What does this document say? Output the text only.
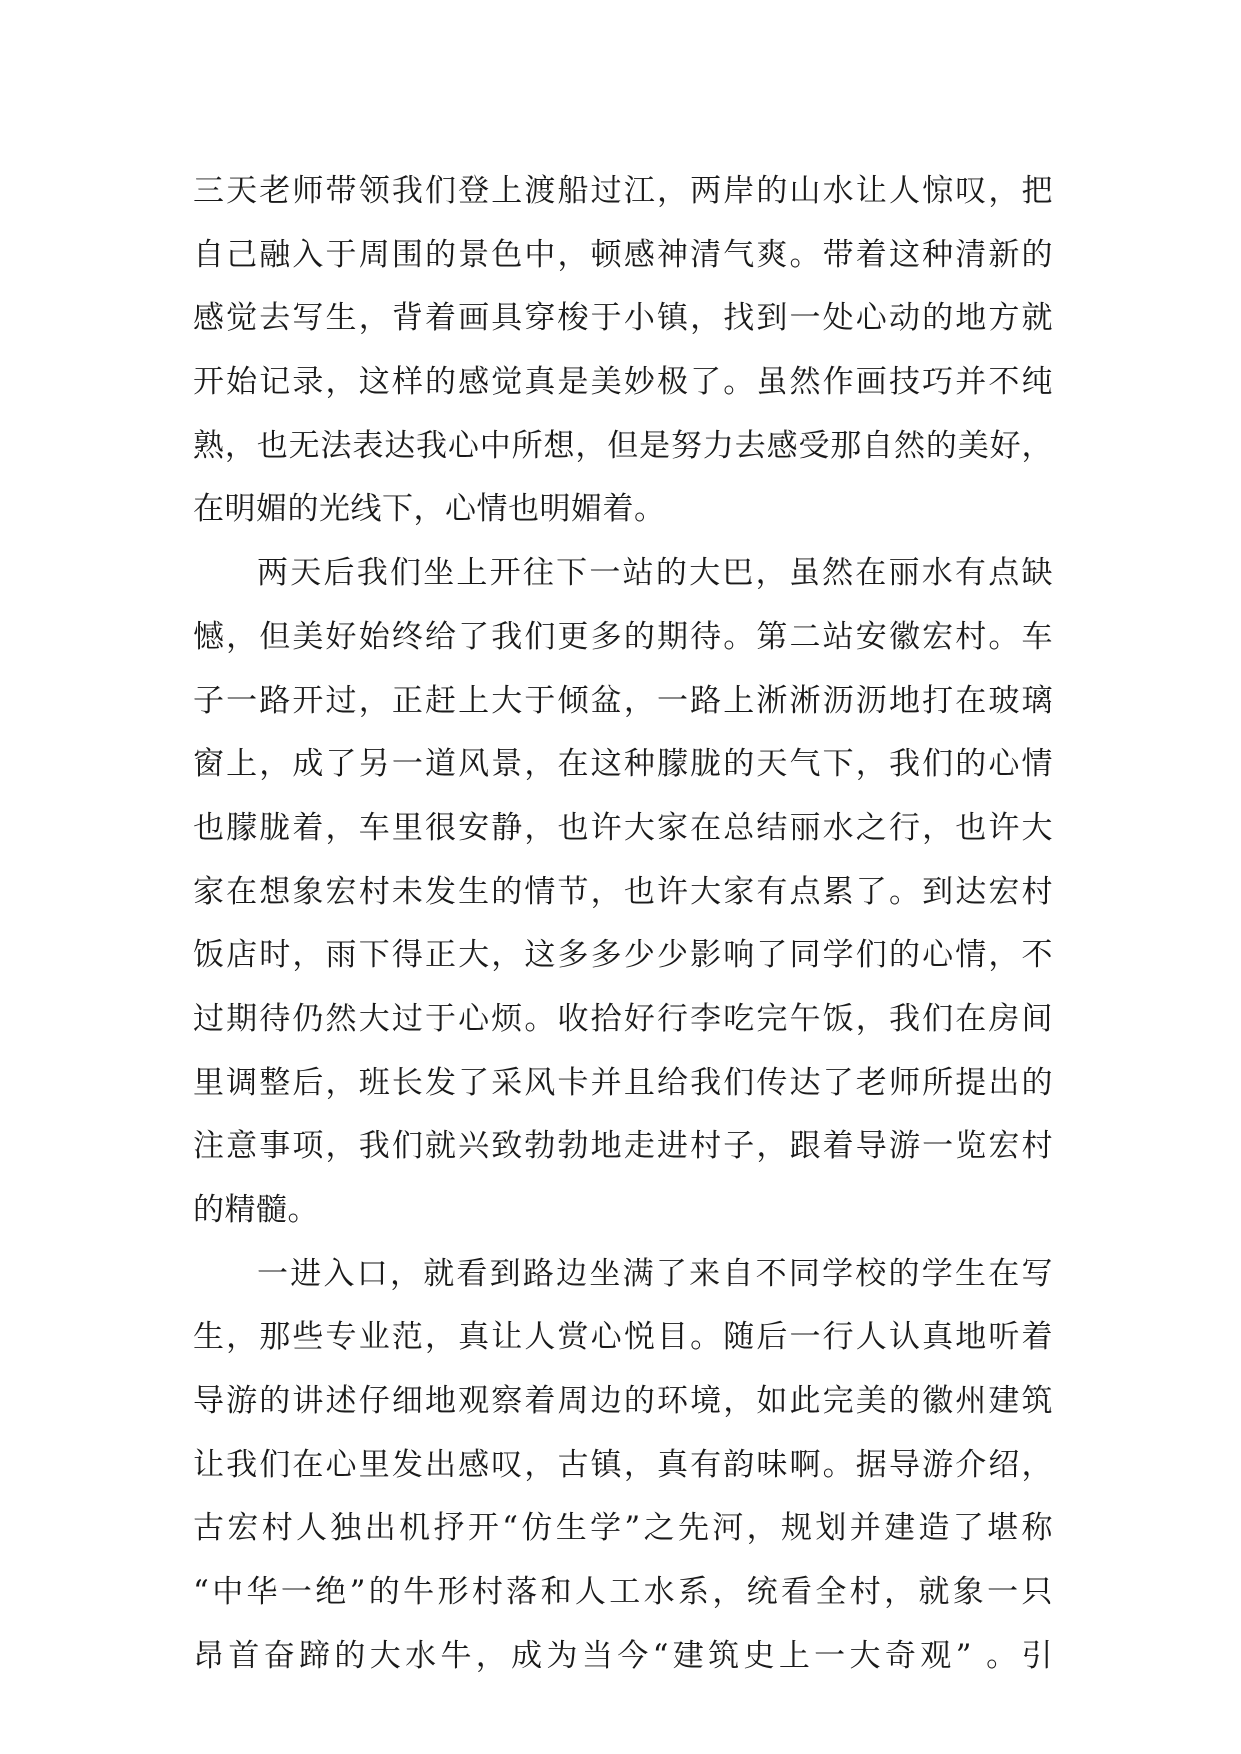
三天老师带领我们登上渡船过江，两岸的山水让人惊叹，把
自己融入于周围的景色中，顿感神清气爽。带着这种清新的
感觉去写生，背着画具穿梭于小镇，找到一处心动的地方就
开始记录，这样的感觉真是美妙极了。虽然作画技巧并不纯
熟，也无法表达我心中所想，但是努力去感受那自然的美好，
在明媚的光线下，心情也明媚着。
两天后我们坐上开往下一站的大巴，虽然在丽水有点缺
憾，但美好始终给了我们更多的期待。第二站安徽宏村。车
子一路开过，正赶上大于倾盆，一路上淅淅沥沥地打在玻璃
窗上，成了另一道风景，在这种朦胧的天气下，我们的心情
也朦胧着，车里很安静，也许大家在总结丽水之行，也许大
家在想象宏村未发生的情节，也许大家有点累了。到达宏村
饭店时，雨下得正大，这多多少少影响了同学们的心情，不
过期待仍然大过于心烦。收拾好行李吃完午饭，我们在房间
里调整后，班长发了采风卡并且给我们传达了老师所提出的
注意事项，我们就兴致勃勃地走进村子，跟着导游一览宏村
的精髓。
一进入口，就看到路边坐满了来自不同学校的学生在写
生，那些专业范，真让人赏心悦目。随后一行人认真地听着
导游的讲述仔细地观察着周边的环境，如此完美的徽州建筑
让我们在心里发出感叹，古镇，真有韵味啊。据导游介绍，
古宏村人独出机抒开“仿生学”之先河，规划并建造了堪称
“中华一绝”的牛形村落和人工水系，统看全村，就象一只
昂首奋蹄的大水牛，成为当今“建筑史上一大奇观” 。引
